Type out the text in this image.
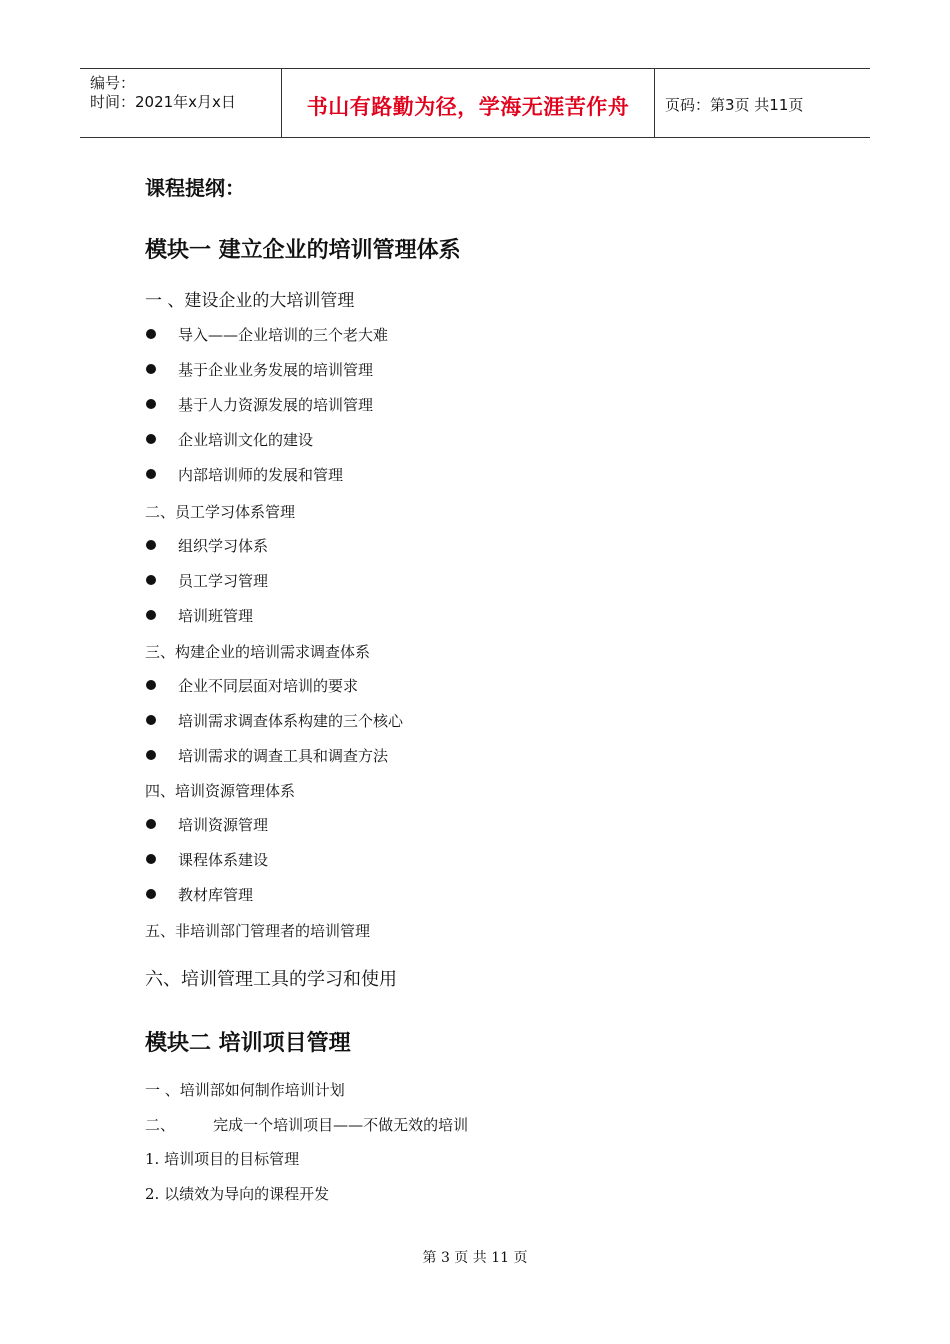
编号：
时间：2021年x月x日	书山有路勤为径，学海无涯苦作舟	页码：第3页 共11页
课程提纲：
模块一 建立企业的培训管理体系
一 、建设企业的大培训管理
导入——企业培训的三个老大难
基于企业业务发展的培训管理
基于人力资源发展的培训管理
企业培训文化的建设
内部培训师的发展和管理
二、员工学习体系管理
组织学习体系
员工学习管理
培训班管理
三、构建企业的培训需求调查体系
企业不同层面对培训的要求
培训需求调查体系构建的三个核心
培训需求的调查工具和调查方法
四、培训资源管理体系
培训资源管理
课程体系建设
教材库管理
五、非培训部门管理者的培训管理
六、培训管理工具的学习和使用
模块二 培训项目管理
一 、培训部如何制作培训计划
二、        完成一个培训项目——不做无效的培训
1. 培训项目的目标管理
2. 以绩效为导向的课程开发
第 3 页 共 11 页
